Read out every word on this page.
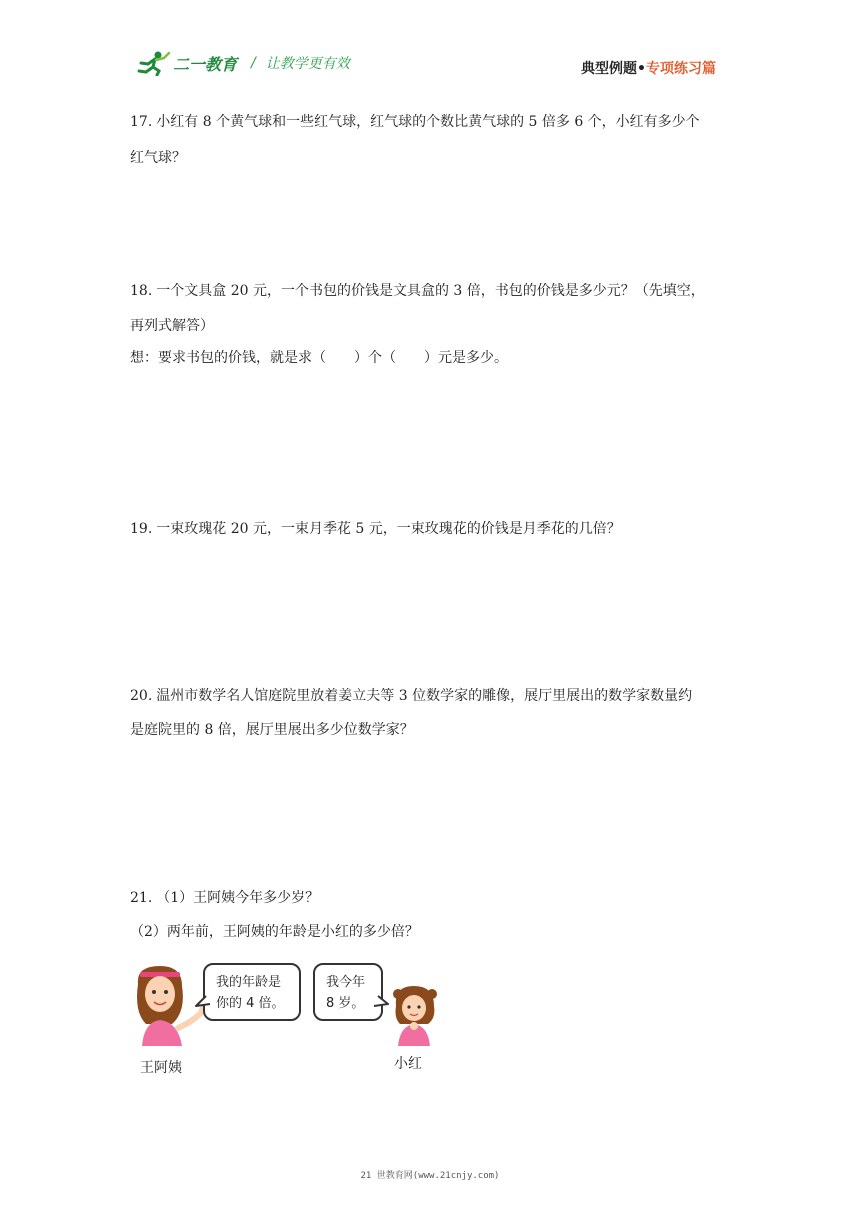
二一教育 / 让教学更有效	典型例题•专项练习篇
17. 小红有 8 个黄气球和一些红气球，红气球的个数比黄气球的 5 倍多 6 个，小红有多少个
红气球？
18. 一个文具盒 20 元，一个书包的价钱是文具盒的 3 倍，书包的价钱是多少元？（先填空，
再列式解答）
想：要求书包的价钱，就是求（　　）个（　　）元是多少。
19. 一束玫瑰花 20 元，一束月季花 5 元，一束玫瑰花的价钱是月季花的几倍？
20. 温州市数学名人馆庭院里放着姜立夫等 3 位数学家的雕像，展厅里展出的数学家数量约
是庭院里的 8 倍，展厅里展出多少位数学家？
21. （1）王阿姨今年多少岁？
（2）两年前，王阿姨的年龄是小红的多少倍？
我的年龄是
你的 4 倍。
我今年
8 岁。
王阿姨	小红
21 世教育网(www.21cnjy.com)
